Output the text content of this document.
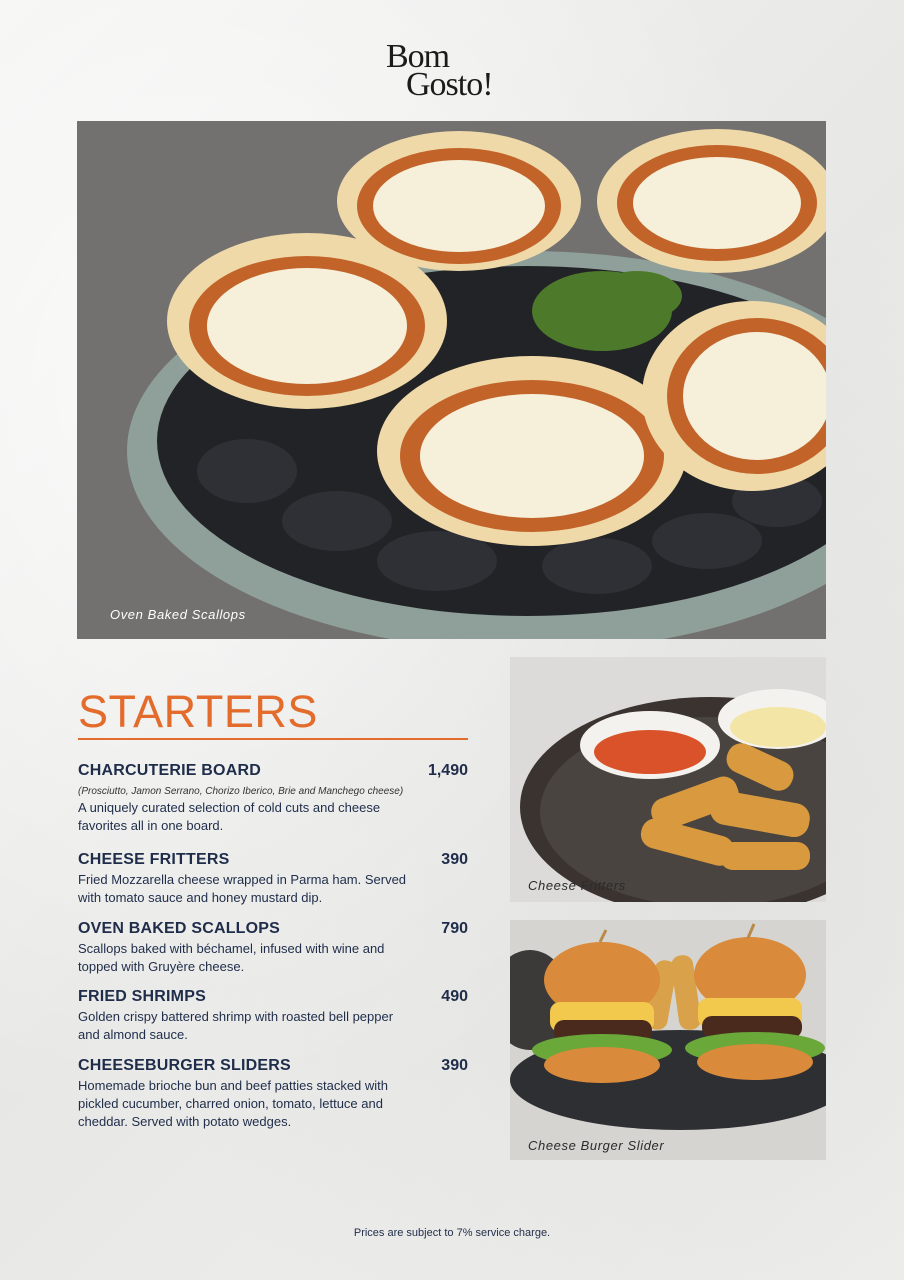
Bom
Gosto!
Oven Baked Scallops
STARTERS
CHARCUTERIE BOARD	1,490
(Prosciutto, Jamon Serrano, Chorizo Iberico, Brie and Manchego cheese)
A uniquely curated selection of cold cuts and cheese favorites all in one board.
CHEESE FRITTERS	390
Fried Mozzarella cheese wrapped in Parma ham. Served with tomato sauce and honey mustard dip.
OVEN BAKED SCALLOPS	790
Scallops baked with béchamel, infused with wine and topped with Gruyère cheese.
FRIED SHRIMPS	490
Golden crispy battered shrimp with roasted bell pepper and almond sauce.
CHEESEBURGER SLIDERS	390
Homemade brioche bun and beef patties stacked with pickled cucumber, charred onion, tomato, lettuce and cheddar. Served with potato wedges.
Cheese Fritters
Cheese Burger Slider
Prices are subject to 7% service charge.
